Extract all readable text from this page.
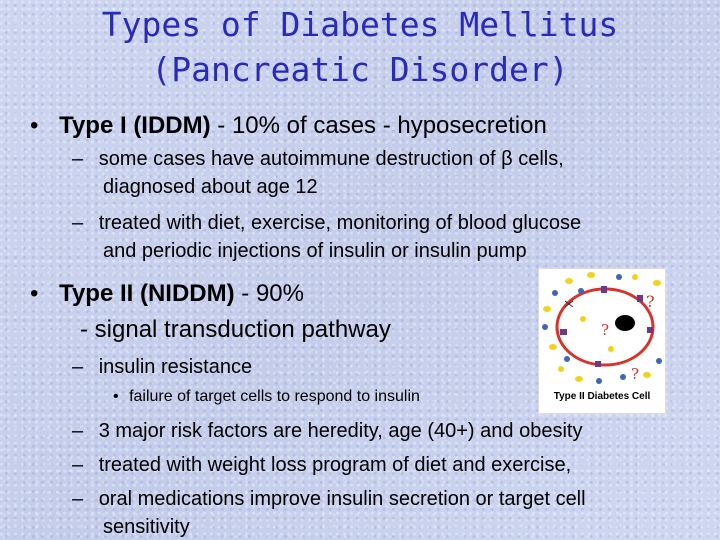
Types of Diabetes Mellitus
(Pancreatic Disorder)
• Type I (IDDM) - 10% of cases - hyposecretion
– some cases have autoimmune destruction of β cells,
diagnosed about age 12
– treated with diet, exercise, monitoring of blood glucose
and periodic injections of insulin or insulin pump
• Type II (NIDDM) - 90%
- signal transduction pathway
– insulin resistance
• failure of target cells to respond to insulin
– 3 major risk factors are heredity, age (40+) and obesity
– treated with weight loss program of diet and exercise,
– oral medications improve insulin secretion or target cell
sensitivity
?
?
?
Type II Diabetes Cell
